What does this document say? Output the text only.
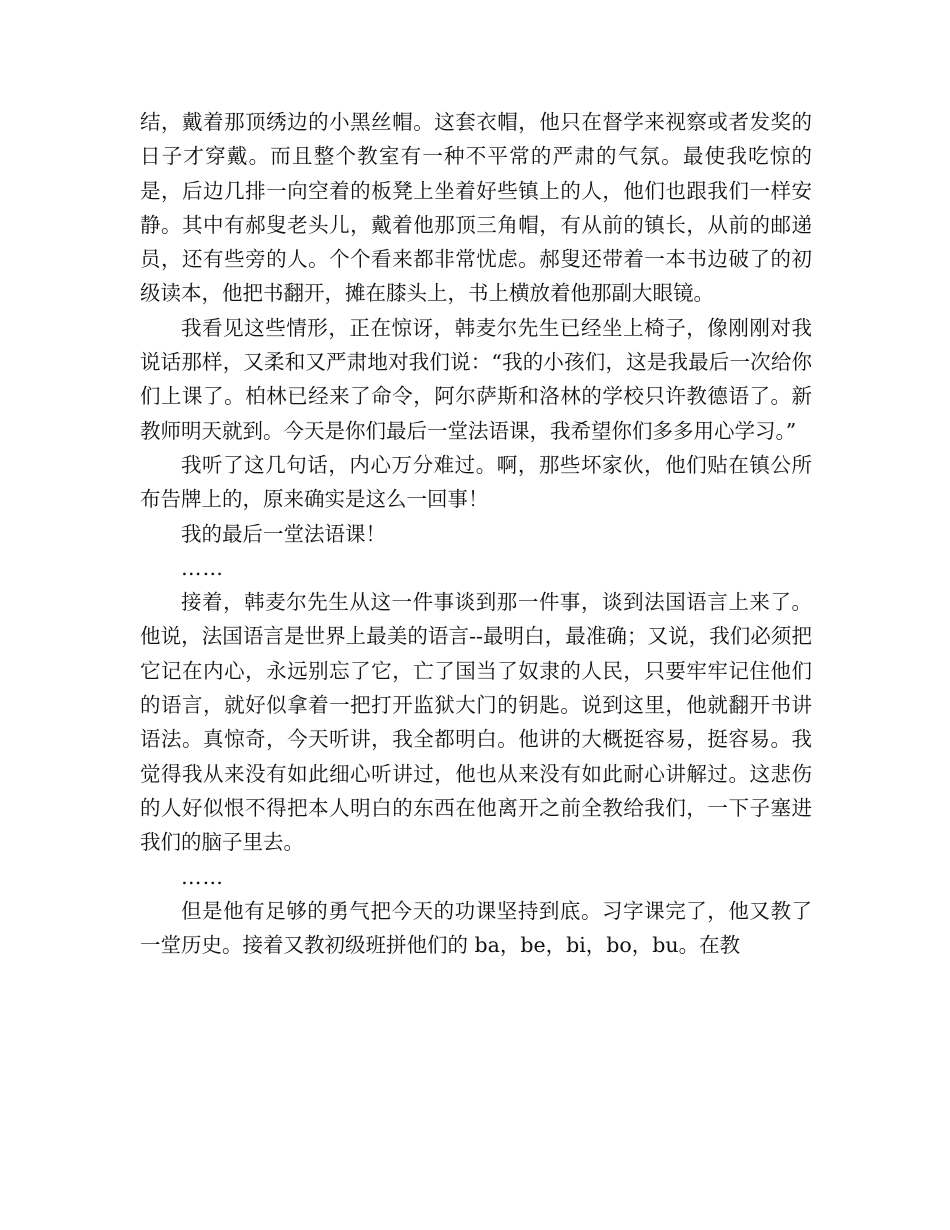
结，戴着那顶绣边的小黑丝帽。这套衣帽，他只在督学来视察或者发奖的日子才穿戴。而且整个教室有一种不平常的严肃的气氛。最使我吃惊的是，后边几排一向空着的板凳上坐着好些镇上的人，他们也跟我们一样安静。其中有郝叟老头儿，戴着他那顶三角帽，有从前的镇长，从前的邮递员，还有些旁的人。个个看来都非常忧虑。郝叟还带着一本书边破了的初级读本，他把书翻开，摊在膝头上，书上横放着他那副大眼镜。

我看见这些情形，正在惊讶，韩麦尔先生已经坐上椅子，像刚刚对我说话那样，又柔和又严肃地对我们说：“我的小孩们，这是我最后一次给你们上课了。柏林已经来了命令，阿尔萨斯和洛林的学校只许教德语了。新教师明天就到。今天是你们最后一堂法语课，我希望你们多多用心学习。”

我听了这几句话，内心万分难过。啊，那些坏家伙，他们贴在镇公所布告牌上的，原来确实是这么一回事！

我的最后一堂法语课！

……

接着，韩麦尔先生从这一件事谈到那一件事，谈到法国语言上来了。他说，法国语言是世界上最美的语言--最明白，最准确；又说，我们必须把它记在内心，永远别忘了它，亡了国当了奴隶的人民，只要牢牢记住他们的语言，就好似拿着一把打开监狱大门的钥匙。说到这里，他就翻开书讲语法。真惊奇，今天听讲，我全都明白。他讲的大概挺容易，挺容易。我觉得我从来没有如此细心听讲过，他也从来没有如此耐心讲解过。这悲伤的人好似恨不得把本人明白的东西在他离开之前全教给我们，一下子塞进我们的脑子里去。

……

但是他有足够的勇气把今天的功课坚持到底。习字课完了，他又教了一堂历史。接着又教初级班拼他们的 ba，be，bi，bo，bu。在教
